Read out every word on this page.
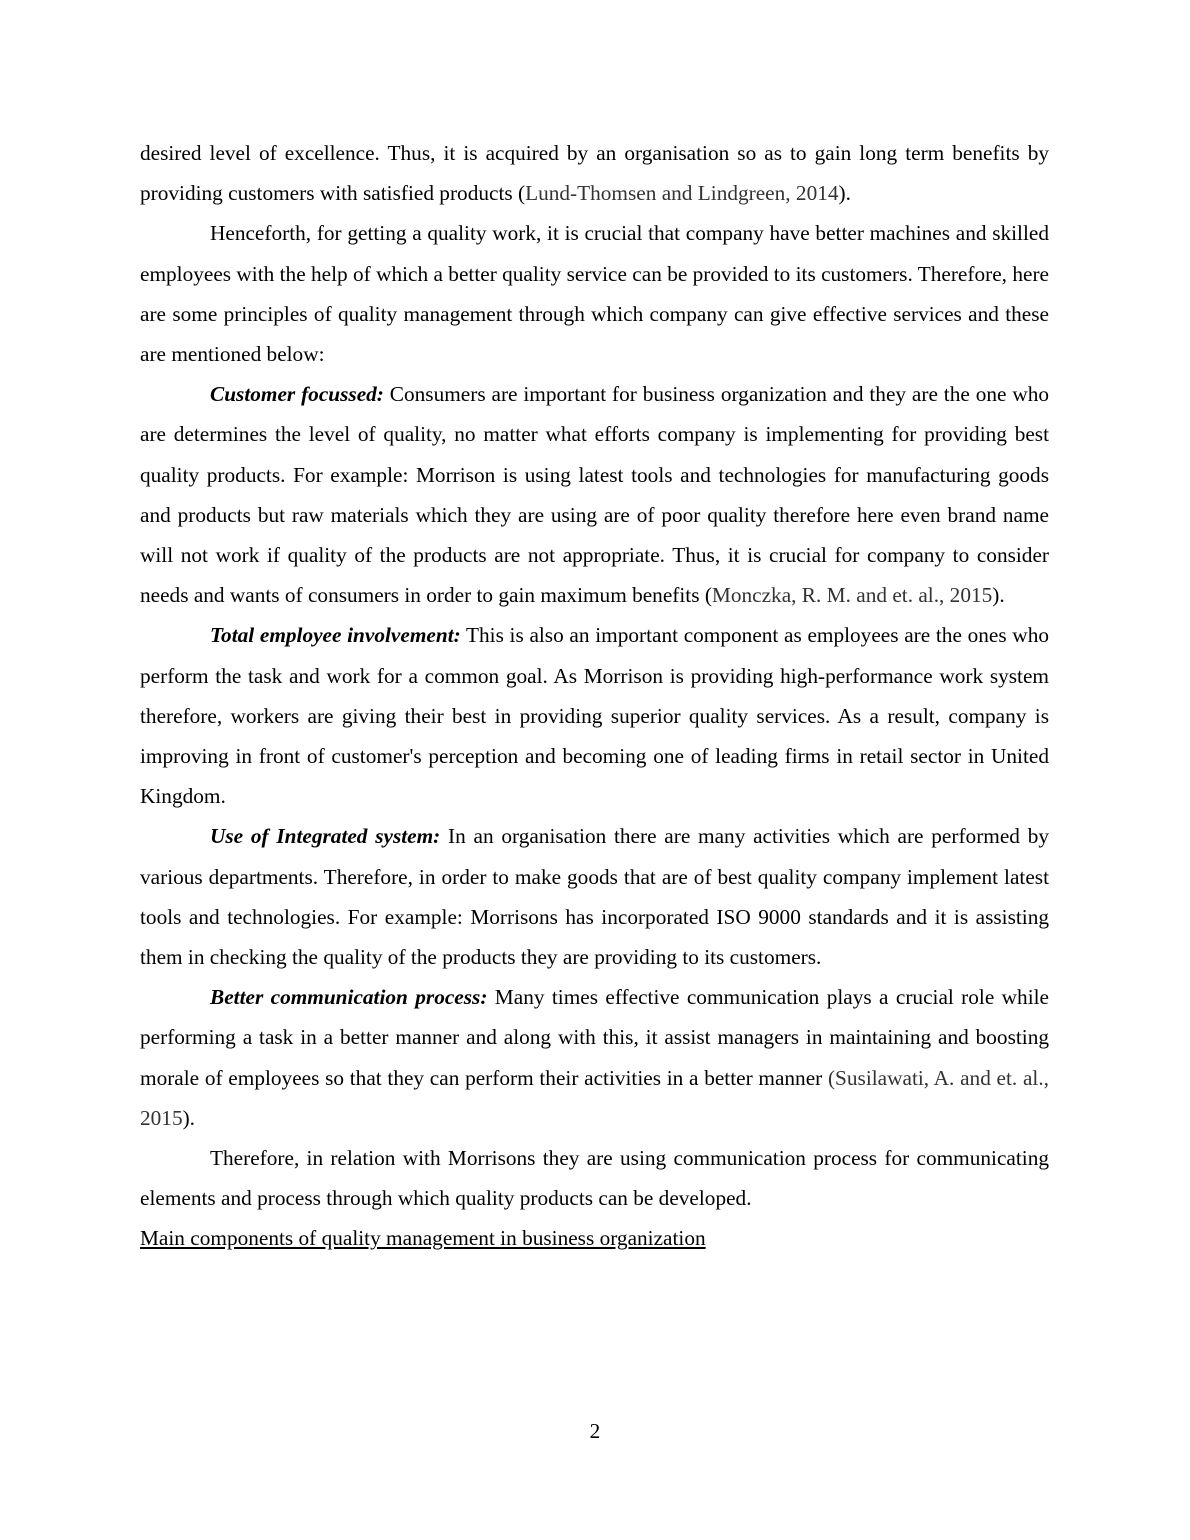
desired level of excellence. Thus, it is acquired by an organisation so as to gain long term benefits by providing customers with satisfied products (Lund-Thomsen and Lindgreen, 2014).

Henceforth, for getting a quality work, it is crucial that company have better machines and skilled employees with the help of which a better quality service can be provided to its customers. Therefore, here are some principles of quality management through which company can give effective services and these are mentioned below:

Customer focussed: Consumers are important for business organization and they are the one who are determines the level of quality, no matter what efforts company is implementing for providing best quality products. For example: Morrison is using latest tools and technologies for manufacturing goods and products but raw materials which they are using are of poor quality therefore here even brand name will not work if quality of the products are not appropriate. Thus, it is crucial for company to consider needs and wants of consumers in order to gain maximum benefits (Monczka, R. M. and et. al., 2015).

Total employee involvement: This is also an important component as employees are the ones who perform the task and work for a common goal. As Morrison is providing high-performance work system therefore, workers are giving their best in providing superior quality services. As a result, company is improving in front of customer's perception and becoming one of leading firms in retail sector in United Kingdom.

Use of Integrated system: In an organisation there are many activities which are performed by various departments. Therefore, in order to make goods that are of best quality company implement latest tools and technologies. For example: Morrisons has incorporated ISO 9000 standards and it is assisting them in checking the quality of the products they are providing to its customers.

Better communication process: Many times effective communication plays a crucial role while performing a task in a better manner and along with this, it assist managers in maintaining and boosting morale of employees so that they can perform their activities in a better manner (Susilawati, A. and et. al., 2015).

Therefore, in relation with Morrisons they are using communication process for communicating elements and process through which quality products can be developed.

Main components of quality management in business organization

2
